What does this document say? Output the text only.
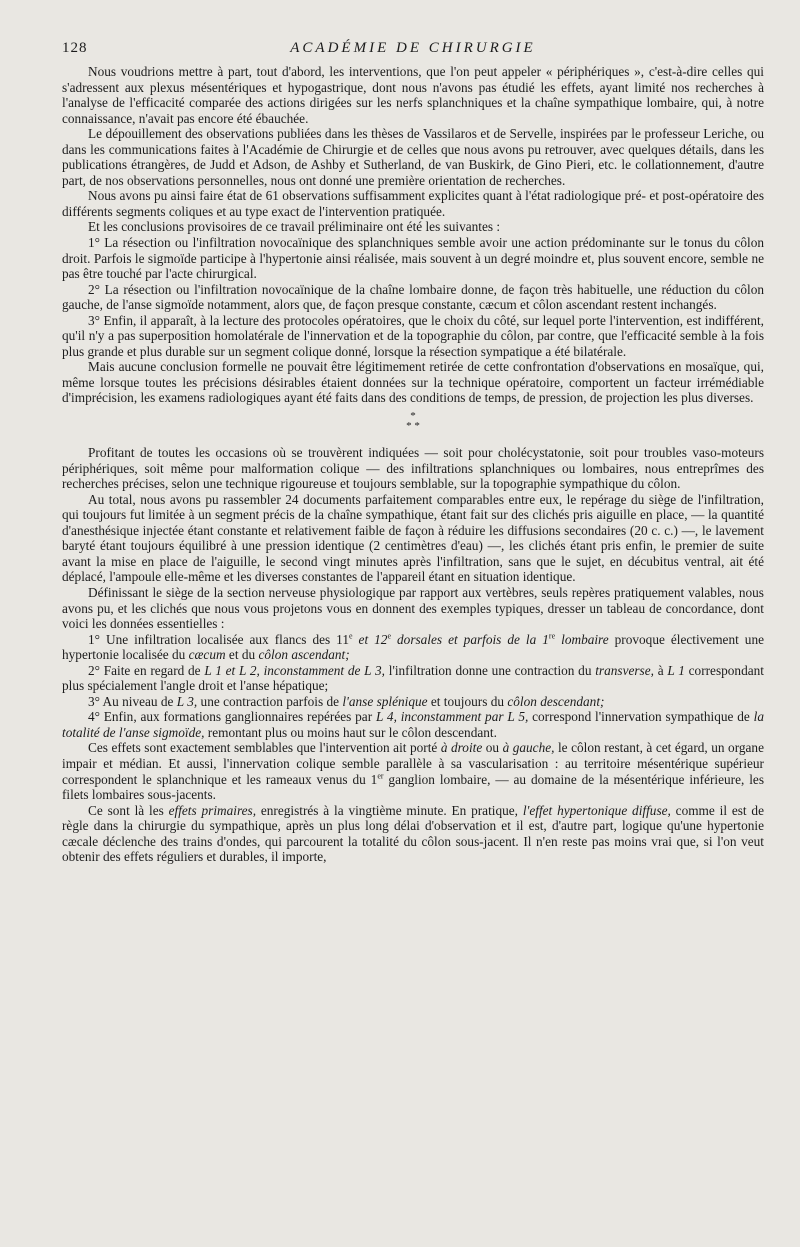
128	ACADÉMIE DE CHIRURGIE

Nous voudrions mettre à part, tout d'abord, les interventions, que l'on peut appeler « périphériques », c'est-à-dire celles qui s'adressent aux plexus mésentériques et hypogastrique, dont nous n'avons pas étudié les effets, ayant limité nos recherches à l'analyse de l'efficacité comparée des actions dirigées sur les nerfs splanchniques et la chaîne sympathique lombaire, qui, à notre connaissance, n'avait pas encore été ébauchée.

Le dépouillement des observations publiées dans les thèses de Vassilaros et de Servelle, inspirées par le professeur Leriche, ou dans les communications faites à l'Académie de Chirurgie et de celles que nous avons pu retrouver, avec quelques détails, dans les publications étrangères, de Judd et Adson, de Ashby et Sutherland, de van Buskirk, de Gino Pieri, etc. le collationnement, d'autre part, de nos observations personnelles, nous ont donné une première orientation de recherches.

Nous avons pu ainsi faire état de 61 observations suffisamment explicites quant à l'état radiologique pré- et post-opératoire des différents segments coliques et au type exact de l'intervention pratiquée.

Et les conclusions provisoires de ce travail préliminaire ont été les suivantes :

1° La résection ou l'infiltration novocaïnique des splanchniques semble avoir une action prédominante sur le tonus du côlon droit. Parfois le sigmoïde participe à l'hypertonie ainsi réalisée, mais souvent à un degré moindre et, plus souvent encore, semble ne pas être touché par l'acte chirurgical.

2° La résection ou l'infiltration novocaïnique de la chaîne lombaire donne, de façon très habituelle, une réduction du côlon gauche, de l'anse sigmoïde notamment, alors que, de façon presque constante, cæcum et côlon ascendant restent inchangés.

3° Enfin, il apparaît, à la lecture des protocoles opératoires, que le choix du côté, sur lequel porte l'intervention, est indifférent, qu'il n'y a pas superposition homolatérale de l'innervation et de la topographie du côlon, par contre, que l'efficacité semble à la fois plus grande et plus durable sur un segment colique donné, lorsque la résection sympatique a été bilatérale.

Mais aucune conclusion formelle ne pouvait être légitimement retirée de cette confrontation d'observations en mosaïque, qui, même lorsque toutes les précisions désirables étaient données sur la technique opératoire, comportent un facteur irrémédiable d'imprécision, les examens radiologiques ayant été faits dans des conditions de temps, de pression, de projection les plus diverses.

*
* *

Profitant de toutes les occasions où se trouvèrent indiquées — soit pour cholécystatonie, soit pour troubles vaso-moteurs périphériques, soit même pour malformation colique — des infiltrations splanchniques ou lombaires, nous entreprîmes des recherches précises, selon une technique rigoureuse et toujours semblable, sur la topographie sympathique du côlon.

Au total, nous avons pu rassembler 24 documents parfaitement comparables entre eux, le repérage du siège de l'infiltration, qui toujours fut limitée à un segment précis de la chaîne sympathique, étant fait sur des clichés pris aiguille en place, — la quantité d'anesthésique injectée étant constante et relativement faible de façon à réduire les diffusions secondaires (20 c. c.) —, le lavement baryté étant toujours équilibré à une pression identique (2 centimètres d'eau) —, les clichés étant pris enfin, le premier de suite avant la mise en place de l'aiguille, le second vingt minutes après l'infiltration, sans que le sujet, en décubitus ventral, ait été déplacé, l'ampoule elle-même et les diverses constantes de l'appareil étant en situation identique.

Définissant le siège de la section nerveuse physiologique par rapport aux vertèbres, seuls repères pratiquement valables, nous avons pu, et les clichés que nous vous projetons vous en donnent des exemples typiques, dresser un tableau de concordance, dont voici les données essentielles :

1° Une infiltration localisée aux flancs des 11e et 12e dorsales et parfois de la 1re lombaire provoque électivement une hypertonie localisée du cæcum et du côlon ascendant;

2° Faite en regard de L 1 et L 2, inconstamment de L 3, l'infiltration donne une contraction du transverse, à L 1 correspondant plus spécialement l'angle droit et l'anse hépatique;

3° Au niveau de L 3, une contraction parfois de l'anse splénique et toujours du côlon descendant;

4° Enfin, aux formations ganglionnaires repérées par L 4, inconstamment par L 5, correspond l'innervation sympathique de la totalité de l'anse sigmoïde, remontant plus ou moins haut sur le côlon descendant.

Ces effets sont exactement semblables que l'intervention ait porté à droite ou à gauche, le côlon restant, à cet égard, un organe impair et médian. Et aussi, l'innervation colique semble parallèle à sa vascularisation : au territoire mésentérique supérieur correspondent le splanchnique et les rameaux venus du 1er ganglion lombaire, — au domaine de la mésentérique inférieure, les filets lombaires sous-jacents.

Ce sont là les effets primaires, enregistrés à la vingtième minute. En pratique, l'effet hypertonique diffuse, comme il est de règle dans la chirurgie du sympathique, après un plus long délai d'observation et il est, d'autre part, logique qu'une hypertonie cæcale déclenche des trains d'ondes, qui parcourent la totalité du côlon sous-jacent. Il n'en reste pas moins vrai que, si l'on veut obtenir des effets réguliers et durables, il importe,
